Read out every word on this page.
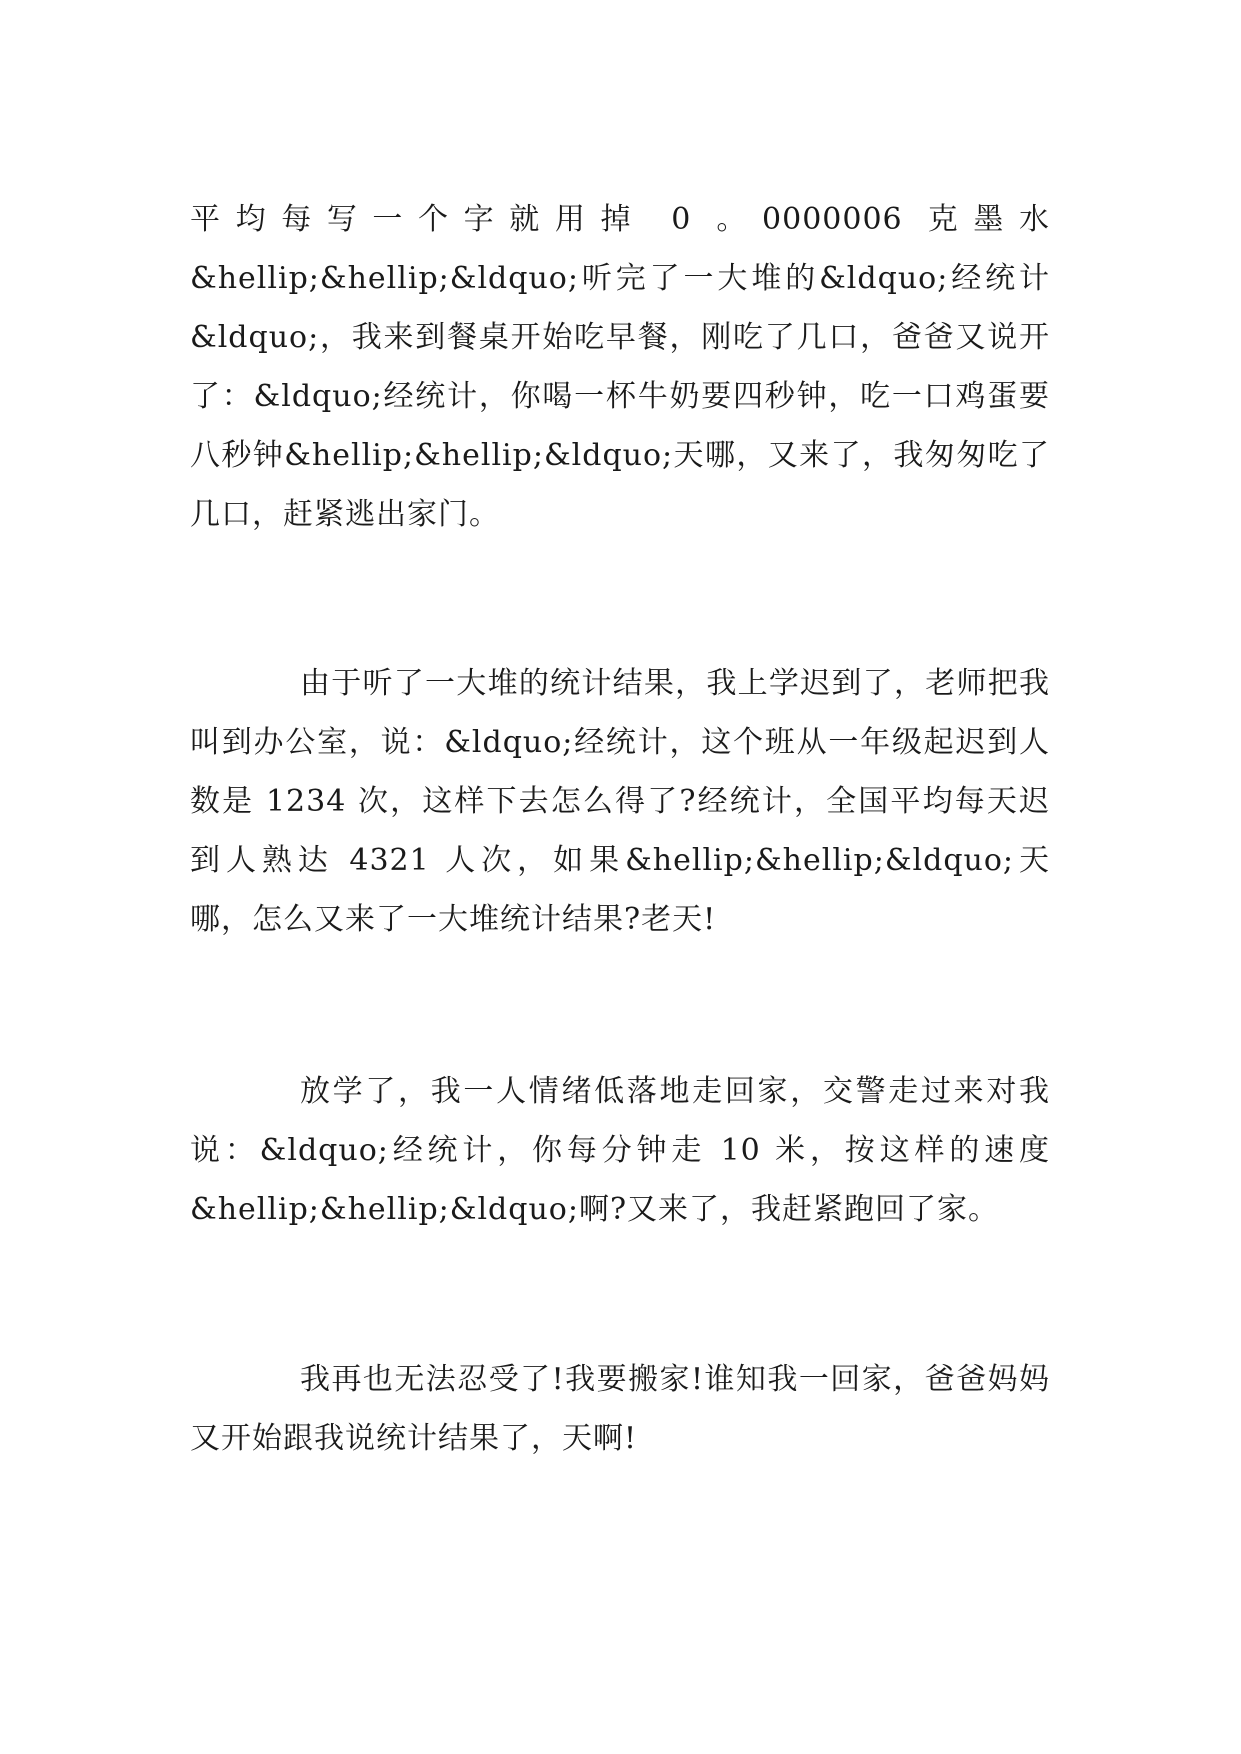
平均每写一个字就用掉 0 。0000006 克墨水&hellip;&hellip;&ldquo;听完了一大堆的&ldquo;经统计&ldquo;，我来到餐桌开始吃早餐，刚吃了几口，爸爸又说开了：&ldquo;经统计，你喝一杯牛奶要四秒钟，吃一口鸡蛋要八秒钟&hellip;&hellip;&ldquo;天哪，又来了，我匆匆吃了几口，赶紧逃出家门。

由于听了一大堆的统计结果，我上学迟到了，老师把我叫到办公室，说：&ldquo;经统计，这个班从一年级起迟到人数是 1234 次，这样下去怎么得了?经统计，全国平均每天迟到人熟达 4321 人次，如果&hellip;&hellip;&ldquo;天哪，怎么又来了一大堆统计结果?老天!

放学了，我一人情绪低落地走回家，交警走过来对我说：&ldquo;经统计，你每分钟走 10 米，按这样的速度&hellip;&hellip;&ldquo;啊?又来了，我赶紧跑回了家。

我再也无法忍受了!我要搬家!谁知我一回家，爸爸妈妈又开始跟我说统计结果了，天啊!
